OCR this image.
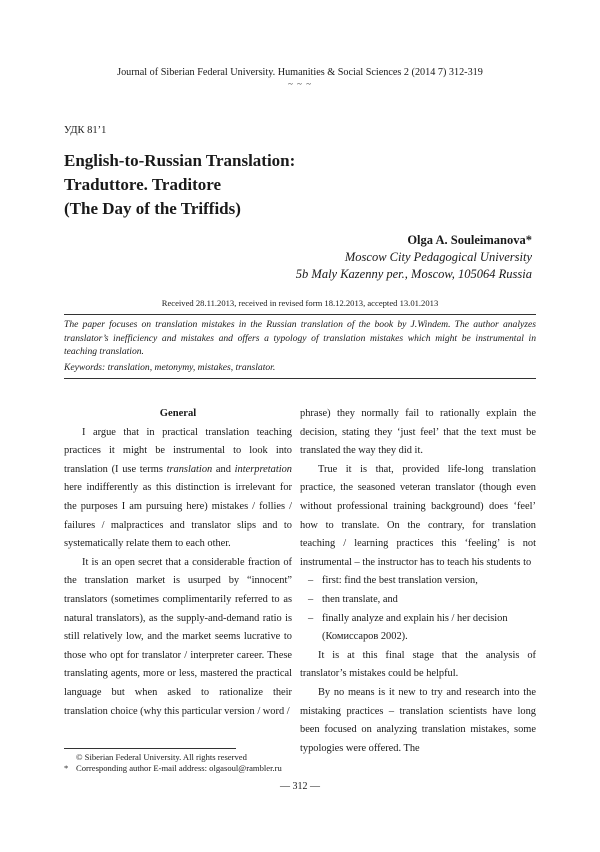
Journal of Siberian Federal University. Humanities & Social Sciences 2 (2014 7) 312-319
~ ~ ~
УДК 81’1
English-to-Russian Translation:
Traduttore. Traditore
(The Day of the Triffids)
Olga A. Souleimanova*
Moscow City Pedagogical University
5b Maly Kazenny per., Moscow, 105064 Russia
Received 28.11.2013, received in revised form 18.12.2013, accepted 13.01.2013
The paper focuses on translation mistakes in the Russian translation of the book by J.Windem. The author analyzes translator’s inefficiency and mistakes and offers a typology of translation mistakes which might be instrumental in teaching translation.
Keywords: translation, metonymy, mistakes, translator.
General

I argue that in practical translation teaching practices it might be instrumental to look into translation (I use terms translation and interpretation here indifferently as this distinction is irrelevant for the purposes I am pursuing here) mistakes / follies / failures / malpractices and translator slips and to systematically relate them to each other.

It is an open secret that a considerable fraction of the translation market is usurped by “innocent” translators (sometimes complimentarily referred to as natural translators), as the supply-and-demand ratio is still relatively low, and the market seems lucrative to those who opt for translator / interpreter career. These translating agents, more or less, mastered the practical language but when asked to rationalize their translation choice (why this particular version / word /

phrase) they normally fail to rationally explain the decision, stating they ‘just feel’ that the text must be translated the way they did it.

True it is that, provided life-long translation practice, the seasoned veteran translator (though even without professional training background) does ‘feel’ how to translate. On the contrary, for translation teaching / learning practices this ‘feeling’ is not instrumental – the instructor has to teach his students to

– first: find the best translation version,
– then translate, and
– finally analyze and explain his / her decision (Комиссаров 2002).

It is at this final stage that the analysis of translator’s mistakes could be helpful.

By no means is it new to try and research into the mistaking practices – translation scientists have long been focused on analyzing translation mistakes, some typologies were offered. The

© Siberian Federal University. All rights reserved
* Corresponding author E-mail address: olgasoul@rambler.ru
― 312 ―
